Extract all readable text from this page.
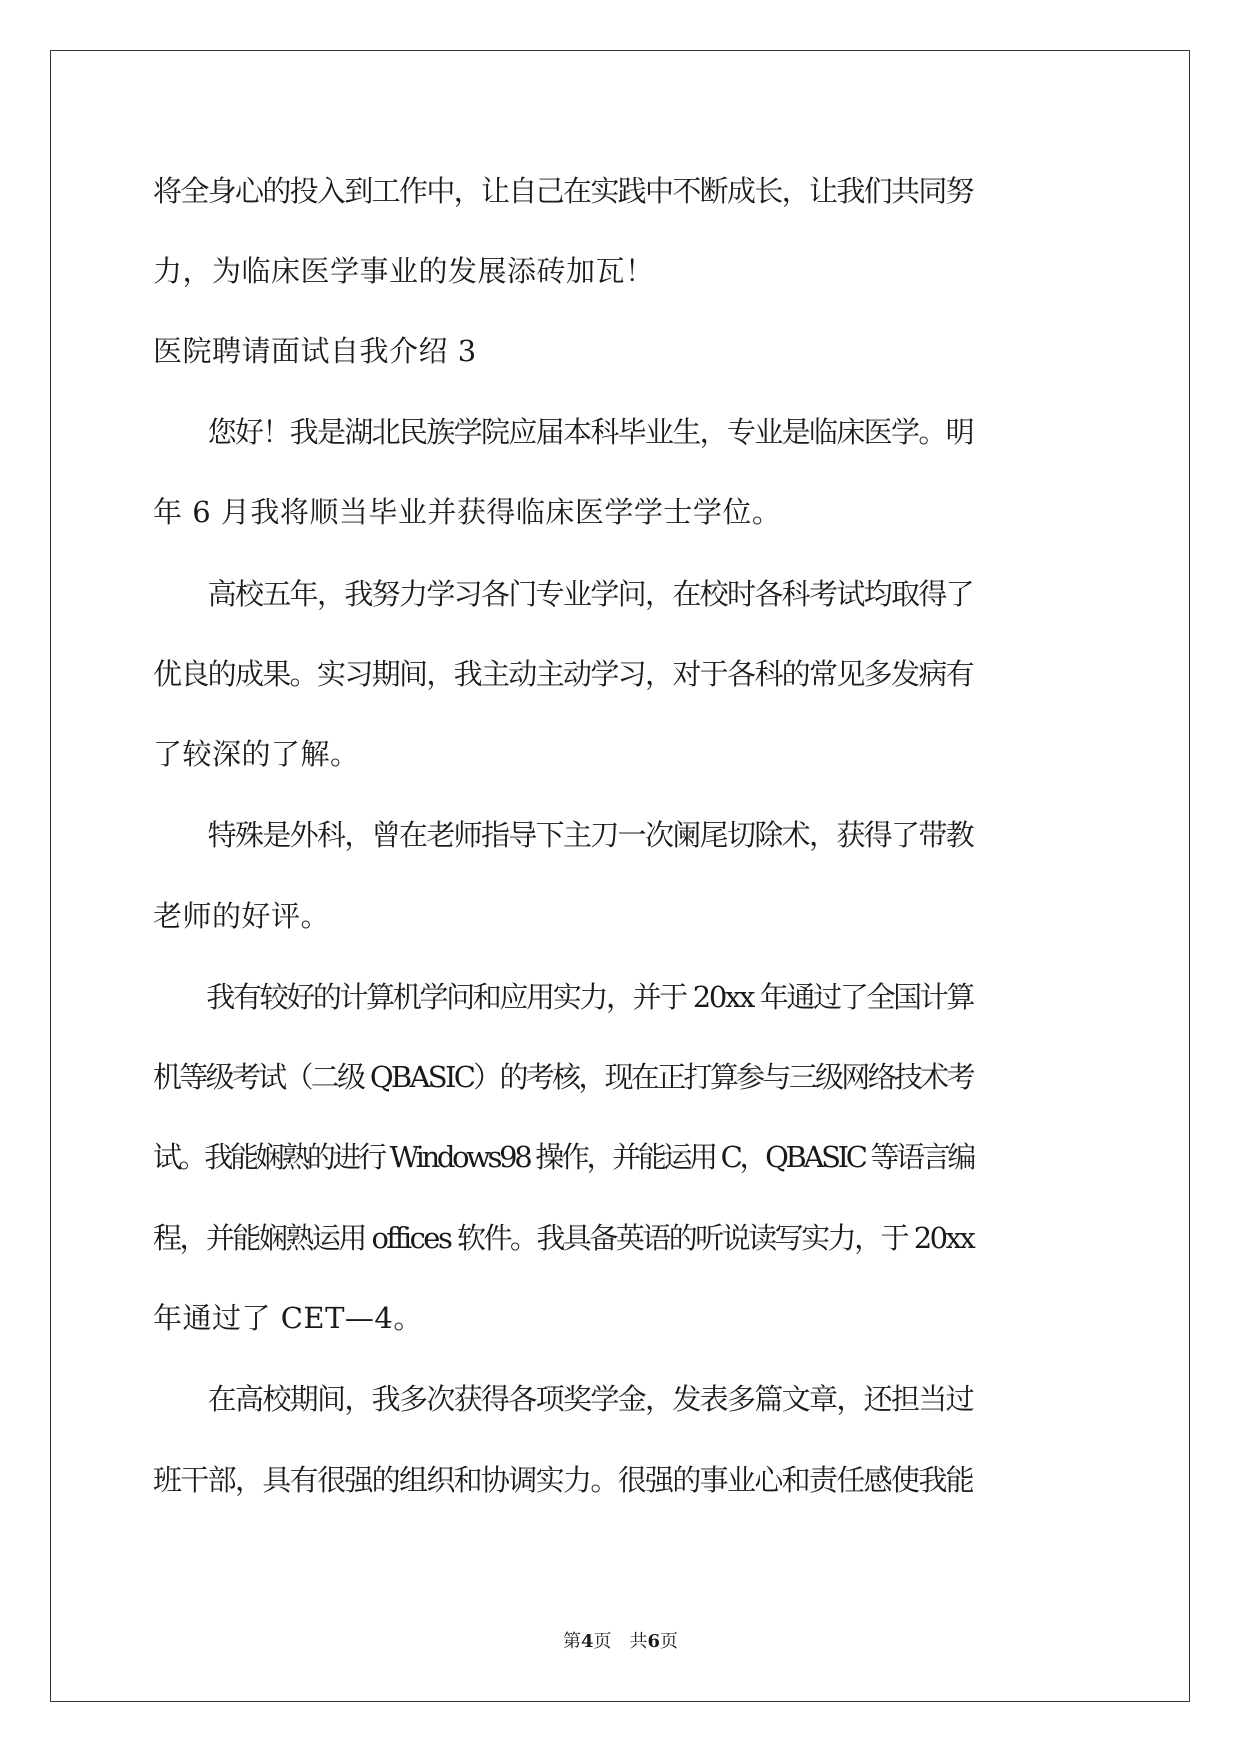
将全身心的投入到工作中，让自己在实践中不断成长，让我们共同努
力，为临床医学事业的发展添砖加瓦！
医院聘请面试自我介绍 3
　　您好！我是湖北民族学院应届本科毕业生，专业是临床医学。明
年 6 月我将顺当毕业并获得临床医学学士学位。
　　高校五年，我努力学习各门专业学问，在校时各科考试均取得了
优良的成果。实习期间，我主动主动学习，对于各科的常见多发病有
了较深的了解。
　　特殊是外科，曾在老师指导下主刀一次阑尾切除术，获得了带教
老师的好评。
　　我有较好的计算机学问和应用实力，并于 20xx 年通过了全国计算
机等级考试（二级 QBASIC）的考核，现在正打算参与三级网络技术考
试。我能娴熟的进行 Windows98 操作，并能运用 C，QBASIC 等语言编
程，并能娴熟运用 offices 软件。我具备英语的听说读写实力，于 20xx
年通过了 CET—4。
　　在高校期间，我多次获得各项奖学金，发表多篇文章，还担当过
班干部，具有很强的组织和协调实力。很强的事业心和责任感使我能
第4页　共6页
